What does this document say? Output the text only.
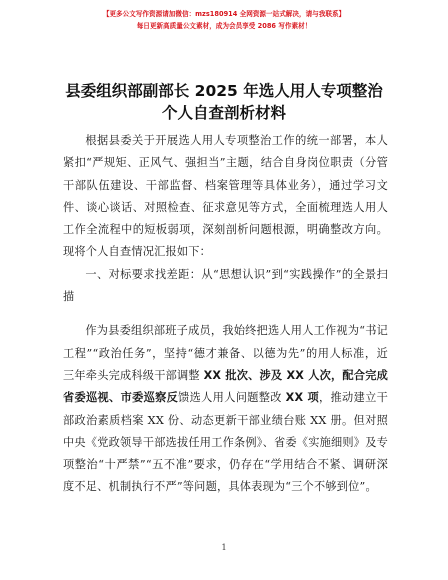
【更多公文写作资源请加微信：mzs180914 全网资源一站式解决，请与我联系】
每日更新高质量公文素材，成为会员享受 2086 写作素材！
县委组织部副部长 2025 年选人用人专项整治个人自查剖析材料

根据县委关于开展选人用人专项整治工作的统一部署，本人紧扣“严规矩、正风气、强担当”主题，结合自身岗位职责（分管干部队伍建设、干部监督、档案管理等具体业务），通过学习文件、谈心谈话、对照检查、征求意见等方式，全面梳理选人用人工作全流程中的短板弱项，深刻剖析问题根源，明确整改方向。现将个人自查情况汇报如下：

一、对标要求找差距：从“思想认识”到“实践操作”的全景扫描

作为县委组织部班子成员，我始终把选人用人工作视为“书记工程”“政治任务”，坚持“德才兼备、以德为先”的用人标准，近三年牵头完成科级干部调整 XX 批次、涉及 XX 人次，配合完成省委巡视、市委巡察反馈选人用人问题整改 XX 项，推动建立干部政治素质档案 XX 份、动态更新干部业绩台账 XX 册。但对照中央《党政领导干部选拔任用工作条例》、省委《实施细则》及专项整治“十严禁”“五不准”要求，仍存在“学用结合不紧、调研深度不足、机制执行不严”等问题，具体表现为“三个不够到位”。

1
